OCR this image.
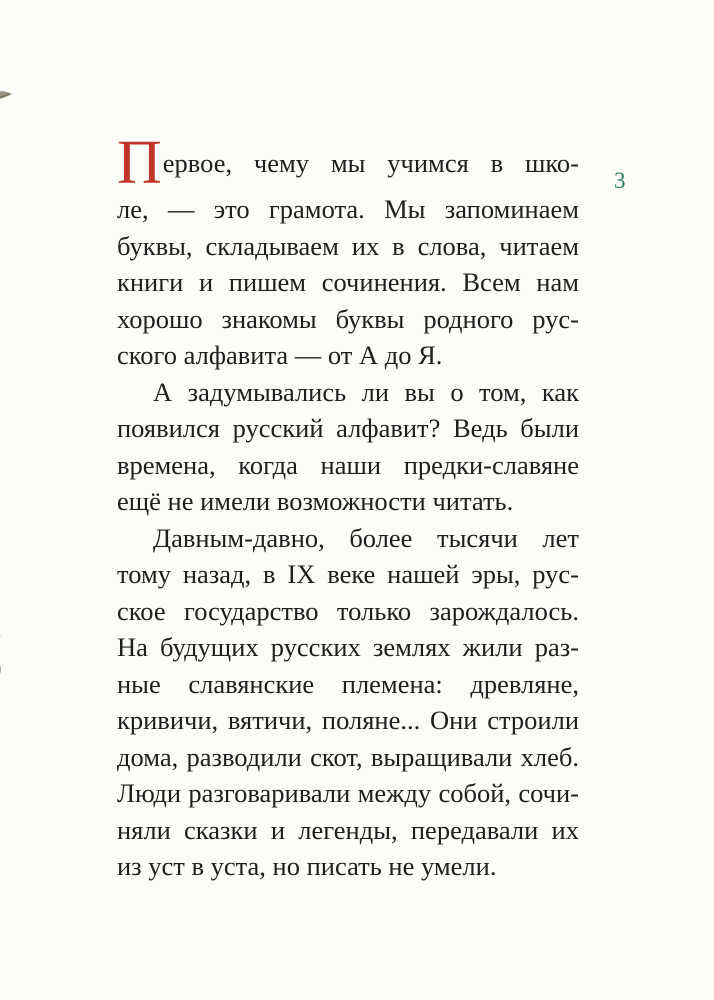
3
Первое, чему мы учимся в шко-
ле, — это грамота. Мы запоминаем
буквы, складываем их в слова, читаем
книги и пишем сочинения. Всем нам
хорошо знакомы буквы родного рус-
ского алфавита — от А до Я.
А задумывались ли вы о том, как
появился русский алфавит? Ведь были
времена, когда наши предки-славяне
ещё не имели возможности читать.
Давным-давно, более тысячи лет
тому назад, в IX веке нашей эры, рус-
ское государство только зарождалось.
На будущих русских землях жили раз-
ные славянские племена: древляне,
кривичи, вятичи, поляне... Они строили
дома, разводили скот, выращивали хлеб.
Люди разговаривали между собой, сочи-
няли сказки и легенды, передавали их
из уст в уста, но писать не умели.
